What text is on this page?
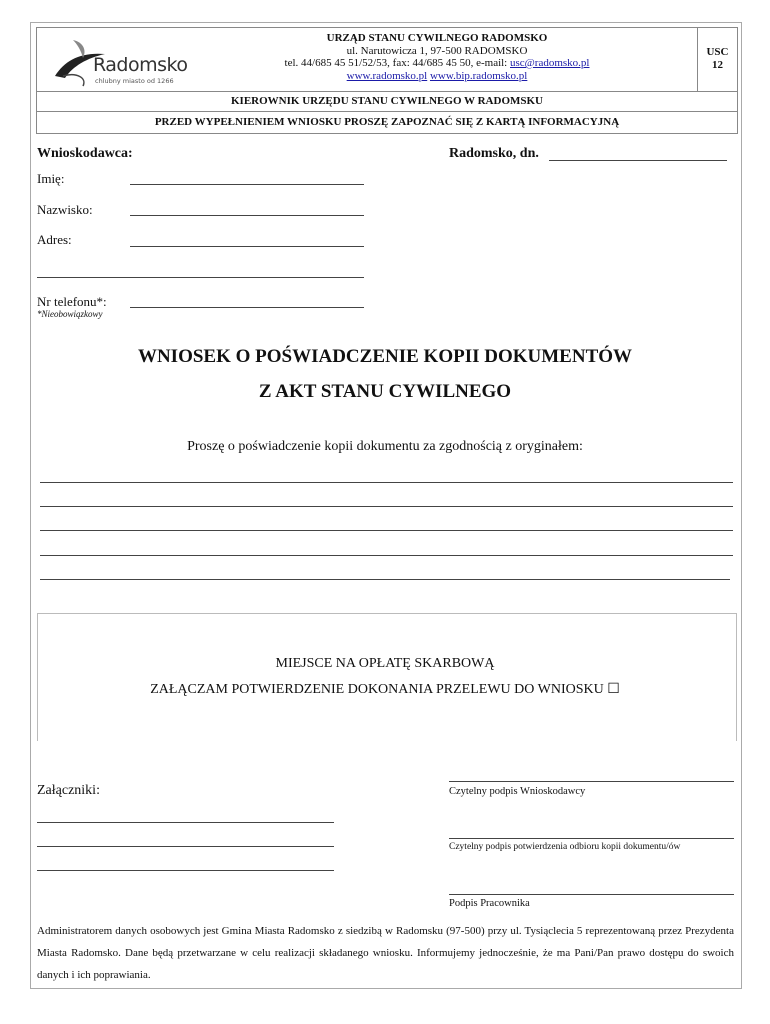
Radomsko
chlubny miasto od 1266
URZĄD STANU CYWILNEGO RADOMSKO
ul. Narutowicza 1, 97-500 RADOMSKO
tel. 44/685 45 51/52/53, fax: 44/685 45 50, e-mail: usc@radomsko.pl
www.radomsko.pl www.bip.radomsko.pl
USC
12
KIEROWNIK URZĘDU STANU CYWILNEGO W RADOMSKU
PRZED WYPEŁNIENIEM WNIOSKU PROSZĘ ZAPOZNAĆ SIĘ Z KARTĄ INFORMACYJNĄ
Wnioskodawca:	Radomsko, dn.
Imię:
Nazwisko:
Adres:
Nr telefonu*:
*Nieobowiązkowy
WNIOSEK O POŚWIADCZENIE KOPII DOKUMENTÓW
Z AKT STANU CYWILNEGO
Proszę o poświadczenie kopii dokumentu za zgodnością z oryginałem:
MIEJSCE NA OPŁATĘ SKARBOWĄ
ZAŁĄCZAM POTWIERDZENIE DOKONANIA PRZELEWU DO WNIOSKU ☐
Załączniki:	Czytelny podpis Wnioskodawcy
Czytelny podpis potwierdzenia odbioru kopii dokumentu/ów
Podpis Pracownika
Administratorem danych osobowych jest Gmina Miasta Radomsko z siedzibą w Radomsku (97-500) przy ul. Tysiąclecia 5 reprezentowaną przez Prezydenta Miasta Radomsko. Dane będą przetwarzane w celu realizacji składanego wniosku. Informujemy jednocześnie, że ma Pani/Pan prawo dostępu do swoich danych i ich poprawiania.
